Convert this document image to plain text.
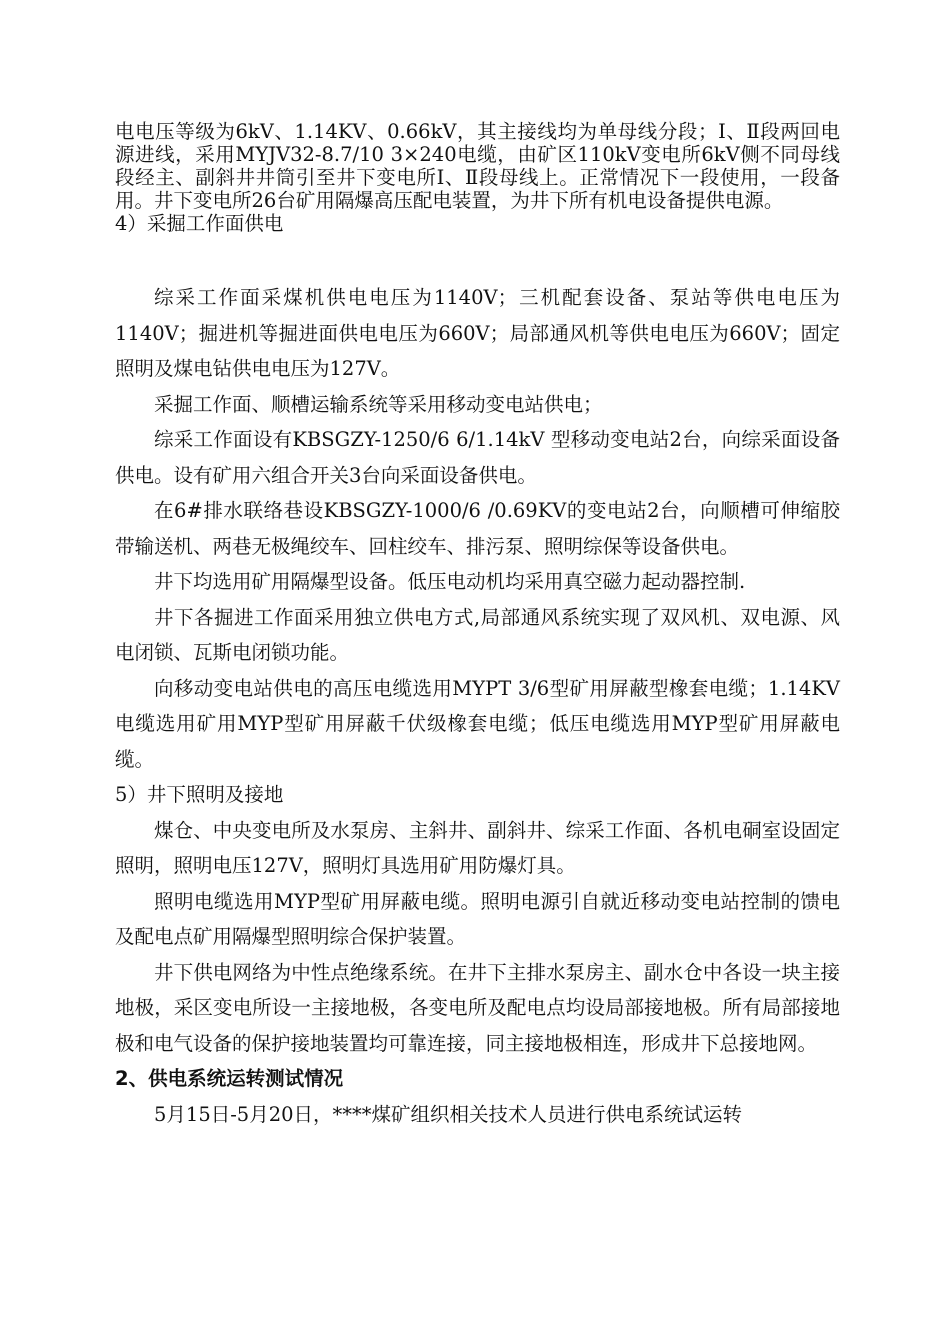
电电压等级为6kV、1.14KV、0.66kV，其主接线均为单母线分段；Ⅰ、Ⅱ段两回电源进线，采用MYJV32-8.7/10 3×240电缆，由矿区110kV变电所6kV侧不同母线段经主、副斜井井筒引至井下变电所Ⅰ、Ⅱ段母线上。正常情况下一段使用，一段备用。井下变电所26台矿用隔爆高压配电装置，为井下所有机电设备提供电源。

4）采掘工作面供电

综采工作面采煤机供电电压为1140V；三机配套设备、泵站等供电电压为1140V；掘进机等掘进面供电电压为660V；局部通风机等供电电压为660V；固定照明及煤电钻供电电压为127V。

采掘工作面、顺槽运输系统等采用移动变电站供电；

综采工作面设有KBSGZY-1250/6 6/1.14kV 型移动变电站2台，向综采面设备供电。设有矿用六组合开关3台向采面设备供电。

在6#排水联络巷设KBSGZY-1000/6 /0.69KV的变电站2台，向顺槽可伸缩胶带输送机、两巷无极绳绞车、回柱绞车、排污泵、照明综保等设备供电。

井下均选用矿用隔爆型设备。低压电动机均采用真空磁力起动器控制.

井下各掘进工作面采用独立供电方式,局部通风系统实现了双风机、双电源、风电闭锁、瓦斯电闭锁功能。

向移动变电站供电的高压电缆选用MYPT 3/6型矿用屏蔽型橡套电缆；1.14KV电缆选用矿用MYP型矿用屏蔽千伏级橡套电缆；低压电缆选用MYP型矿用屏蔽电缆。

5）井下照明及接地

煤仓、中央变电所及水泵房、主斜井、副斜井、综采工作面、各机电硐室设固定照明，照明电压127V，照明灯具选用矿用防爆灯具。

照明电缆选用MYP型矿用屏蔽电缆。照明电源引自就近移动变电站控制的馈电及配电点矿用隔爆型照明综合保护装置。

井下供电网络为中性点绝缘系统。在井下主排水泵房主、副水仓中各设一块主接地极，采区变电所设一主接地极，各变电所及配电点均设局部接地极。所有局部接地极和电气设备的保护接地装置均可靠连接，同主接地极相连，形成井下总接地网。

2、供电系统运转测试情况

5月15日-5月20日，****煤矿组织相关技术人员进行供电系统试运转
